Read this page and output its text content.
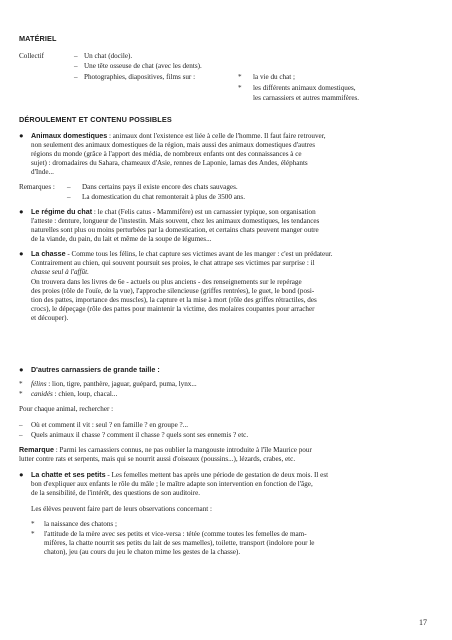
MATÉRIEL
Collectif	– Un chat (docile).
– Une tête osseuse de chat (avec les dents).
– Photographies, diapositives, films sur :	* la vie du chat ;
* les différents animaux domestiques,
les carnassiers et autres mammifères.
DÉROULEMENT ET CONTENU POSSIBLES
● Animaux domestiques : animaux dont l'existence est liée à celle de l'homme. Il faut faire retrouver,
non seulement des animaux domestiques de la région, mais aussi des animaux domestiques d'autres
régions du monde (grâce à l'apport des média, de nombreux enfants ont des connaissances à ce
sujet) : dromadaires du Sahara, chameaux d'Asie, rennes de Laponie, lamas des Andes, éléphants
d'Inde...
Remarques : – Dans certains pays il existe encore des chats sauvages.
– La domestication du chat remonterait à plus de 3500 ans.
● Le régime du chat : le chat (Felis catus - Mammifère) est un carnassier typique, son organisation
l'atteste : denture, longueur de l'instestin. Mais souvent, chez les animaux domestiques, les tendances
naturelles sont plus ou moins perturbées par la domestication, et certains chats peuvent manger outre
de la viande, du pain, du lait et même de la soupe de légumes...
● La chasse - Comme tous les félins, le chat capture ses victimes avant de les manger : c'est un prédateur.
Contrairement au chien, qui souvent poursuit ses proies, le chat attrape ses victimes par surprise : il
chasse seul à l'affût.
On trouvera dans les livres de 6e - actuels ou plus anciens - des renseignements sur le repérage
des proies (rôle de l'ouïe, de la vue), l'approche silencieuse (griffes rentrées), le guet, le bond (posi-
tion des pattes, importance des muscles), la capture et la mise à mort (rôle des griffes rétractiles, des
crocs), le dépeçage (rôle des pattes pour maintenir la victime, des molaires coupantes pour arracher
et découper).
● D'autres carnassiers de grande taille :
* félins : lion, tigre, panthère, jaguar, guépard, puma, lynx...
* canidés : chien, loup, chacal...
Pour chaque animal, rechercher :
– Où et comment il vit : seul ? en famille ? en groupe ?...
– Quels animaux il chasse ? comment il chasse ? quels sont ses ennemis ? etc.
Remarque : Parmi les carnassiers connus, ne pas oublier la mangouste introduite à l'île Maurice pour
lutter contre rats et serpents, mais qui se nourrit aussi d'oiseaux (poussins...), lézards, crabes, etc.
● La chatte et ses petits - Les femelles mettent bas après une période de gestation de deux mois. Il est
bon d'expliquer aux enfants le rôle du mâle ; le maître adapte son intervention en fonction de l'âge,
de la sensibilité, de l'intérêt, des questions de son auditoire.
Les élèves peuvent faire part de leurs observations concernant :
* la naissance des chatons ;
* l'attitude de la mère avec ses petits et vice-versa : tétée (comme toutes les femelles de mam-
mifères, la chatte nourrit ses petits du lait de ses mamelles), toilette, transport (indolore pour le
chaton), jeu (au cours du jeu le chaton mime les gestes de la chasse).
17
